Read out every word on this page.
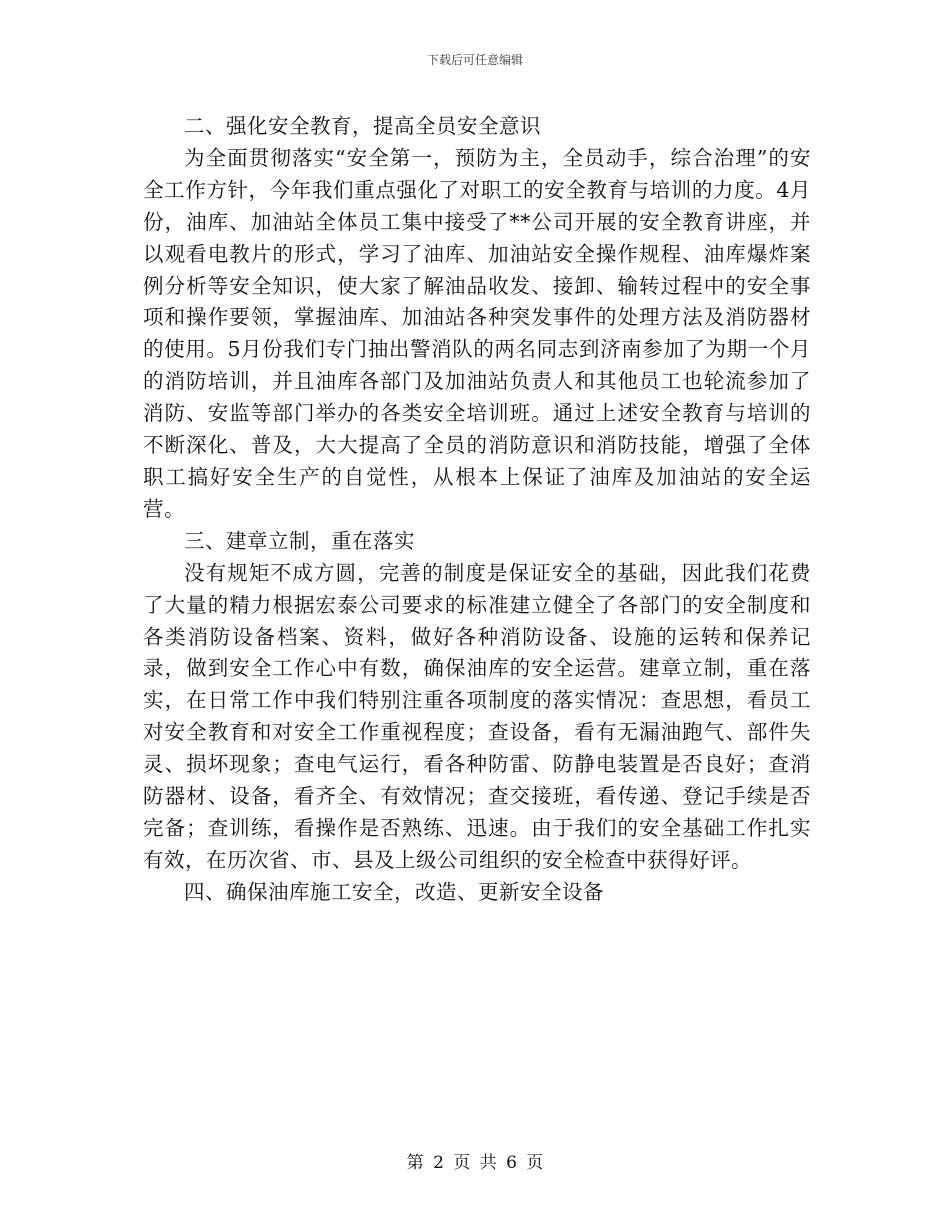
下载后可任意编辑

二、强化安全教育，提高全员安全意识

为全面贯彻落实“安全第一，预防为主，全员动手，综合治理”的安全工作方针，今年我们重点强化了对职工的安全教育与培训的力度。4月份，油库、加油站全体员工集中接受了**公司开展的安全教育讲座，并以观看电教片的形式，学习了油库、加油站安全操作规程、油库爆炸案例分析等安全知识，使大家了解油品收发、接卸、输转过程中的安全事项和操作要领，掌握油库、加油站各种突发事件的处理方法及消防器材的使用。5月份我们专门抽出警消队的两名同志到济南参加了为期一个月的消防培训，并且油库各部门及加油站负责人和其他员工也轮流参加了消防、安监等部门举办的各类安全培训班。通过上述安全教育与培训的不断深化、普及，大大提高了全员的消防意识和消防技能，增强了全体职工搞好安全生产的自觉性，从根本上保证了油库及加油站的安全运营。

三、建章立制，重在落实

没有规矩不成方圆，完善的制度是保证安全的基础，因此我们花费了大量的精力根据宏泰公司要求的标准建立健全了各部门的安全制度和各类消防设备档案、资料，做好各种消防设备、设施的运转和保养记录，做到安全工作心中有数，确保油库的安全运营。建章立制，重在落实，在日常工作中我们特别注重各项制度的落实情况：查思想，看员工对安全教育和对安全工作重视程度；查设备，看有无漏油跑气、部件失灵、损坏现象；查电气运行，看各种防雷、防静电装置是否良好；查消防器材、设备，看齐全、有效情况；查交接班，看传递、登记手续是否完备；查训练，看操作是否熟练、迅速。由于我们的安全基础工作扎实有效，在历次省、市、县及上级公司组织的安全检查中获得好评。

四、确保油库施工安全，改造、更新安全设备

第 2 页 共 6 页
